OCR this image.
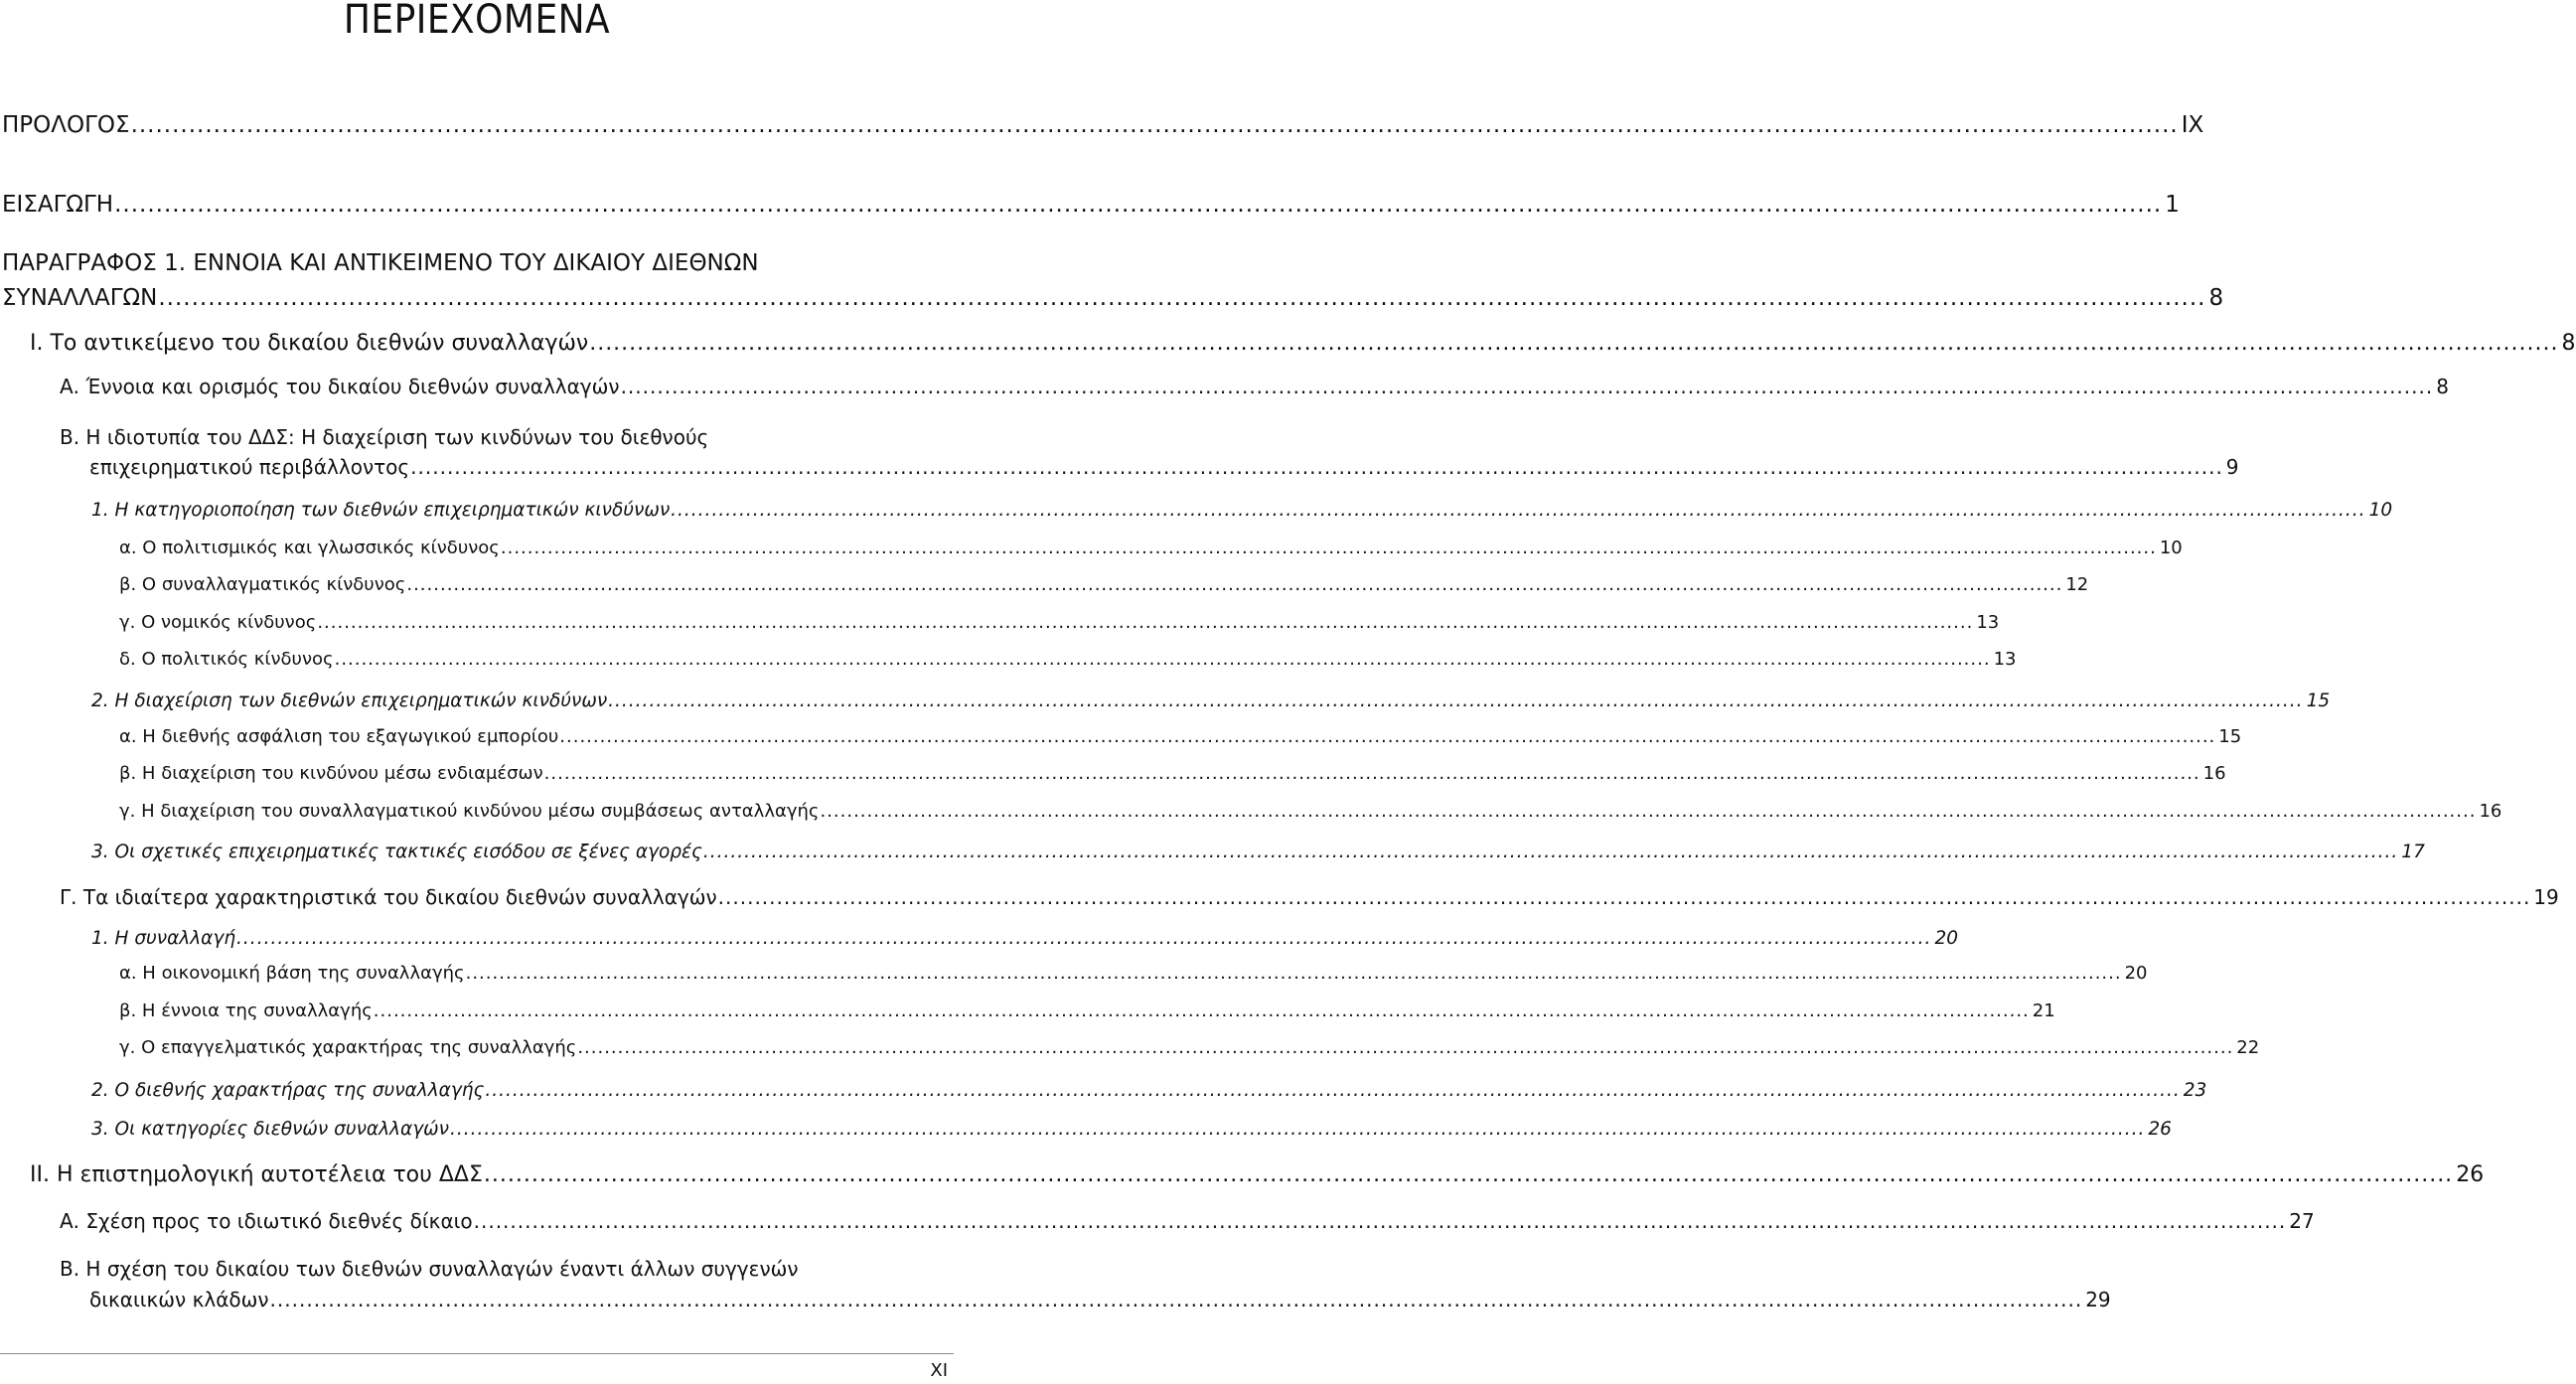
ΠΕΡΙΕΧΟΜΕΝΑ
ΠΡΟΛΟΓΟΣ .....	IX
ΕΙΣΑΓΩΓΗ .....	1
ΠΑΡΑΓΡΑΦΟΣ 1. ΕΝΝΟΙΑ ΚΑΙ ΑΝΤΙΚΕΙΜΕΝΟ ΤΟΥ ΔΙΚΑΙΟΥ ΔΙΕΘΝΩΝ
ΣΥΝΑΛΛΑΓΩΝ .....	8
I. Το αντικείμενο του δικαίου διεθνών συναλλαγών .....	8
Α. Έννοια και ορισμός του δικαίου διεθνών συναλλαγών .....	8
Β. Η ιδιοτυπία του ΔΔΣ: Η διαχείριση των κινδύνων του διεθνούς
επιχειρηματικού περιβάλλοντος .....	9
1. Η κατηγοριοποίηση των διεθνών επιχειρηματικών κινδύνων .....	10
α. Ο πολιτισμικός και γλωσσικός κίνδυνος .....	10
β. Ο συναλλαγματικός κίνδυνος .....	12
γ. Ο νομικός κίνδυνος .....	13
δ. Ο πολιτικός κίνδυνος .....	13
2. Η διαχείριση των διεθνών επιχειρηματικών κινδύνων .....	15
α. Η διεθνής ασφάλιση του εξαγωγικού εμπορίου .....	15
β. Η διαχείριση του κινδύνου μέσω ενδιαμέσων .....	16
γ. Η διαχείριση του συναλλαγματικού κινδύνου μέσω συμβάσεως ανταλλαγής .....	16
3. Οι σχετικές επιχειρηματικές τακτικές εισόδου σε ξένες αγορές .....	17
Γ. Τα ιδιαίτερα χαρακτηριστικά του δικαίου διεθνών συναλλαγών .....	19
1. Η συναλλαγή .....	20
α. Η οικονομική βάση της συναλλαγής .....	20
β. Η έννοια της συναλλαγής .....	21
γ. Ο επαγγελματικός χαρακτήρας της συναλλαγής .....	22
2. Ο διεθνής χαρακτήρας της συναλλαγής .....	23
3. Οι κατηγορίες διεθνών συναλλαγών .....	26
II. Η επιστημολογική αυτοτέλεια του ΔΔΣ .....	26
Α. Σχέση προς το ιδιωτικό διεθνές δίκαιο .....	27
Β. Η σχέση του δικαίου των διεθνών συναλλαγών έναντι άλλων συγγενών
δικαιικών κλάδων .....	29
XI
